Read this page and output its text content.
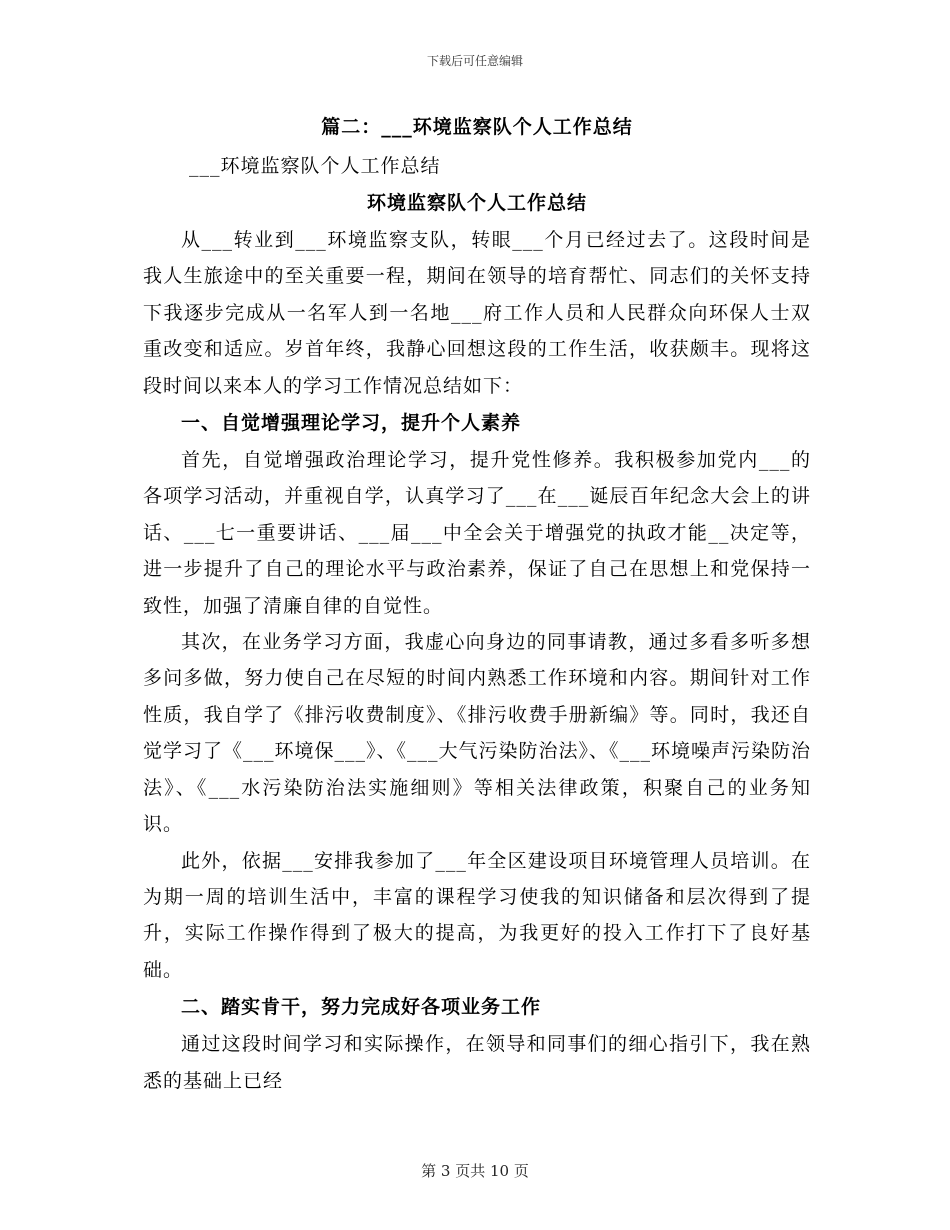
下载后可任意编辑

篇二：___环境监察队个人工作总结

___环境监察队个人工作总结

环境监察队个人工作总结

从___转业到___环境监察支队，转眼___个月已经过去了。这段时间是我人生旅途中的至关重要一程，期间在领导的培育帮忙、同志们的关怀支持下我逐步完成从一名军人到一名地___府工作人员和人民群众向环保人士双重改变和适应。岁首年终，我静心回想这段的工作生活，收获颇丰。现将这段时间以来本人的学习工作情况总结如下：

一、自觉增强理论学习，提升个人素养

首先，自觉增强政治理论学习，提升党性修养。我积极参加党内___的各项学习活动，并重视自学，认真学习了___在___诞辰百年纪念大会上的讲话、___七一重要讲话、___届___中全会关于增强党的执政才能__决定等，进一步提升了自己的理论水平与政治素养，保证了自己在思想上和党保持一致性，加强了清廉自律的自觉性。

其次，在业务学习方面，我虚心向身边的同事请教，通过多看多听多想多问多做，努力使自己在尽短的时间内熟悉工作环境和内容。期间针对工作性质，我自学了《排污收费制度》、《排污收费手册新编》等。同时，我还自觉学习了《___环境保___》、《___大气污染防治法》、《___环境噪声污染防治法》、《___水污染防治法实施细则》等相关法律政策，积聚自己的业务知识。

此外，依据___安排我参加了___年全区建设项目环境管理人员培训。在为期一周的培训生活中，丰富的课程学习使我的知识储备和层次得到了提升，实际工作操作得到了极大的提高，为我更好的投入工作打下了良好基础。

二、踏实肯干，努力完成好各项业务工作

通过这段时间学习和实际操作，在领导和同事们的细心指引下，我在熟悉的基础上已经

第 3 页共 10 页
